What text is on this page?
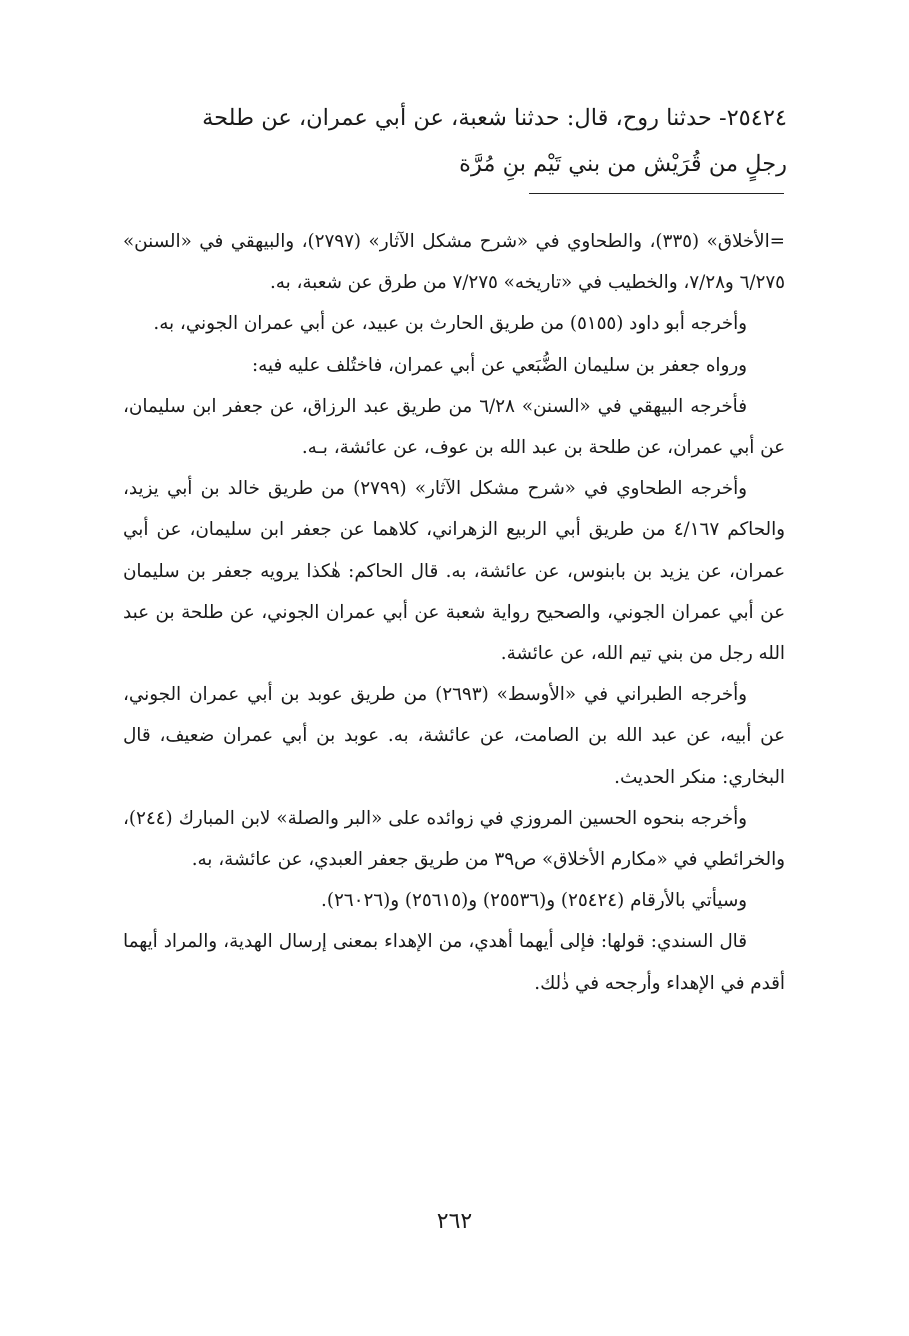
٢٥٤٢٤- حدثنا روح، قال: حدثنا شعبة، عن أبي عمران، عن طلحة

رجلٍ من قُرَيْش من بني تَيْم بنِ مُرَّة

=الأخلاق» (٣٣٥)، والطحاوي في «شرح مشكل الآثار» (٢٧٩٧)، والبيهقي في «السنن» ٦/٢٧٥ و٧/٢٨، والخطيب في «تاريخه» ٧/٢٧٥ من طرق عن شعبة، به.

وأخرجه أبو داود (٥١٥٥) من طريق الحارث بن عبيد، عن أبي عمران الجوني، به.

ورواه جعفر بن سليمان الضُّبَعي عن أبي عمران، فاختُلف عليه فيه:

فأخرجه البيهقي في «السنن» ٦/٢٨ من طريق عبد الرزاق، عن جعفر ابن سليمان، عن أبي عمران، عن طلحة بن عبد الله بن عوف، عن عائشة، بـه.

وأخرجه الطحاوي في «شرح مشكل الآثار» (٢٧٩٩) من طريق خالد بن أبي يزيد، والحاكم ٤/١٦٧ من طريق أبي الربيع الزهراني، كلاهما عن جعفر ابن سليمان، عن أبي عمران، عن يزيد بن بابنوس، عن عائشة، به. قال الحاكم: هٰكذا يرويه جعفر بن سليمان عن أبي عمران الجوني، والصحيح رواية شعبة عن أبي عمران الجوني، عن طلحة بن عبد الله رجل من بني تيم الله، عن عائشة.

وأخرجه الطبراني في «الأوسط» (٢٦٩٣) من طريق عوبد بن أبي عمران الجوني، عن أبيه، عن عبد الله بن الصامت، عن عائشة، به. عوبد بن أبي عمران ضعيف، قال البخاري: منكر الحديث.

وأخرجه بنحوه الحسين المروزي في زوائده على «البر والصلة» لابن المبارك (٢٤٤)، والخرائطي في «مكارم الأخلاق» ص٣٩ من طريق جعفر العبدي، عن عائشة، به.

وسيأتي بالأرقام (٢٥٤٢٤) و(٢٥٥٣٦) و(٢٥٦١٥) و(٢٦٠٢٦).

قال السندي: قولها: فإلى أيهما أهدي، من الإهداء بمعنى إرسال الهدية، والمراد أيهما أقدم في الإهداء وأرجحه في ذٰلك.

٢٦٢
